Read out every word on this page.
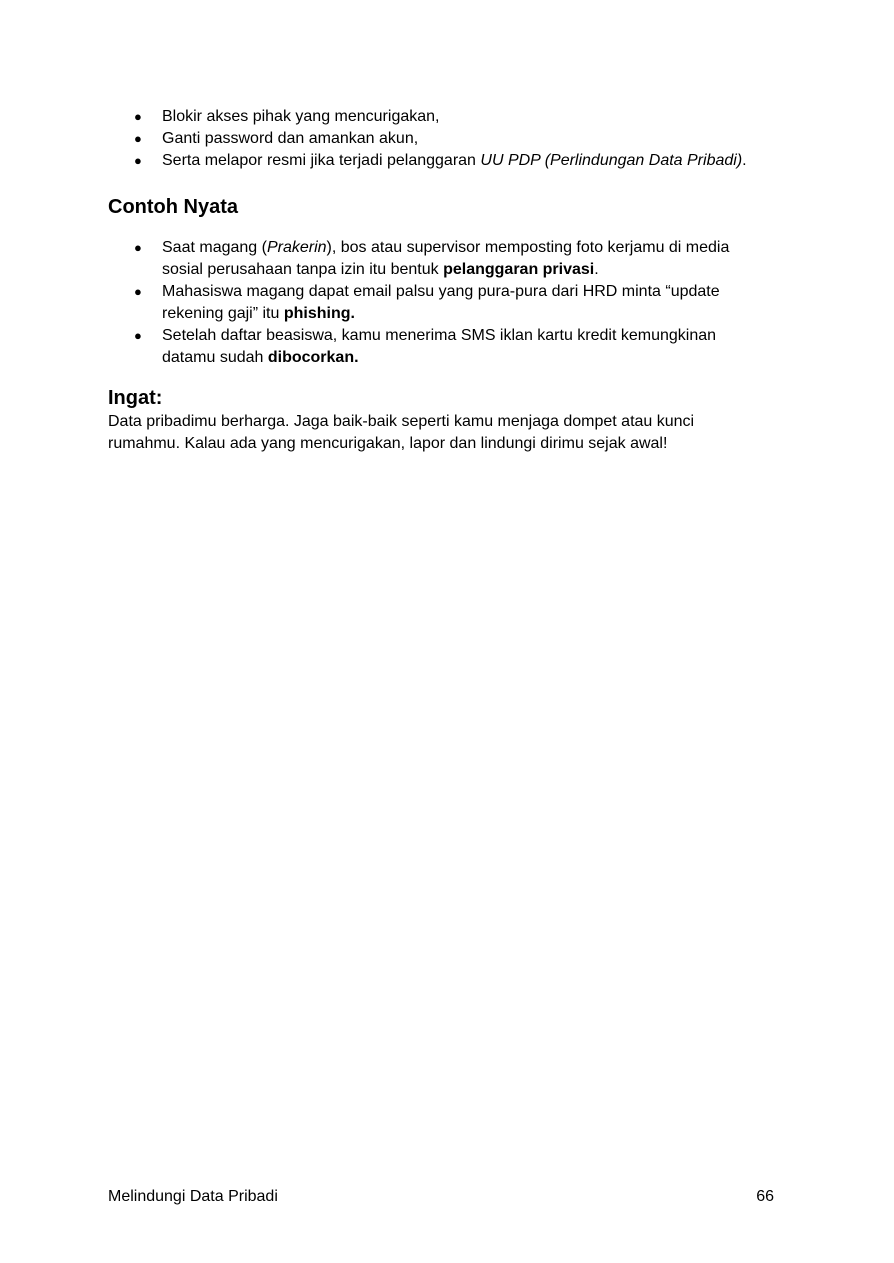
● Blokir akses pihak yang mencurigakan,
● Ganti password dan amankan akun,
● Serta melapor resmi jika terjadi pelanggaran UU PDP (Perlindungan Data Pribadi).
Contoh Nyata
● Saat magang (Prakerin), bos atau supervisor memposting foto kerjamu di media sosial perusahaan tanpa izin itu bentuk pelanggaran privasi.
● Mahasiswa magang dapat email palsu yang pura-pura dari HRD minta “update rekening gaji” itu phishing.
● Setelah daftar beasiswa, kamu menerima SMS iklan kartu kredit kemungkinan datamu sudah dibocorkan.
Ingat:

Data pribadimu berharga. Jaga baik-baik seperti kamu menjaga dompet atau kunci
rumahmu. Kalau ada yang mencurigakan, lapor dan lindungi dirimu sejak awal!

Melindungi Data Pribadi	66
